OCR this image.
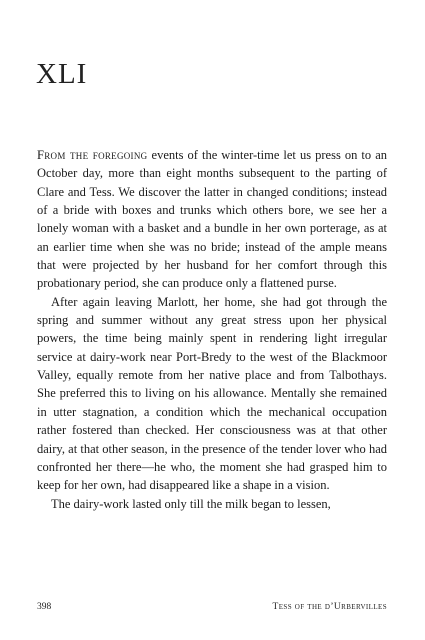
XLI

From the foregoing events of the winter-time let us press on to an October day, more than eight months subsequent to the parting of Clare and Tess. We discover the latter in changed conditions; instead of a bride with boxes and trunks which others bore, we see her a lonely woman with a basket and a bundle in her own porterage, as at an earlier time when she was no bride; instead of the ample means that were projected by her husband for her comfort through this probationary period, she can produce only a flattened purse.

After again leaving Marlott, her home, she had got through the spring and summer without any great stress upon her physical powers, the time being mainly spent in rendering light irregular service at dairy-work near Port-Bredy to the west of the Blackmoor Valley, equally remote from her native place and from Talbothays. She preferred this to living on his allowance. Mentally she remained in utter stagnation, a condition which the mechanical occupation rather fostered than checked. Her consciousness was at that other dairy, at that other season, in the presence of the tender lover who had confronted her there—he who, the moment she had grasped him to keep for her own, had disappeared like a shape in a vision.

The dairy-work lasted only till the milk began to lessen,

398	Tess of the d’Urbervilles
